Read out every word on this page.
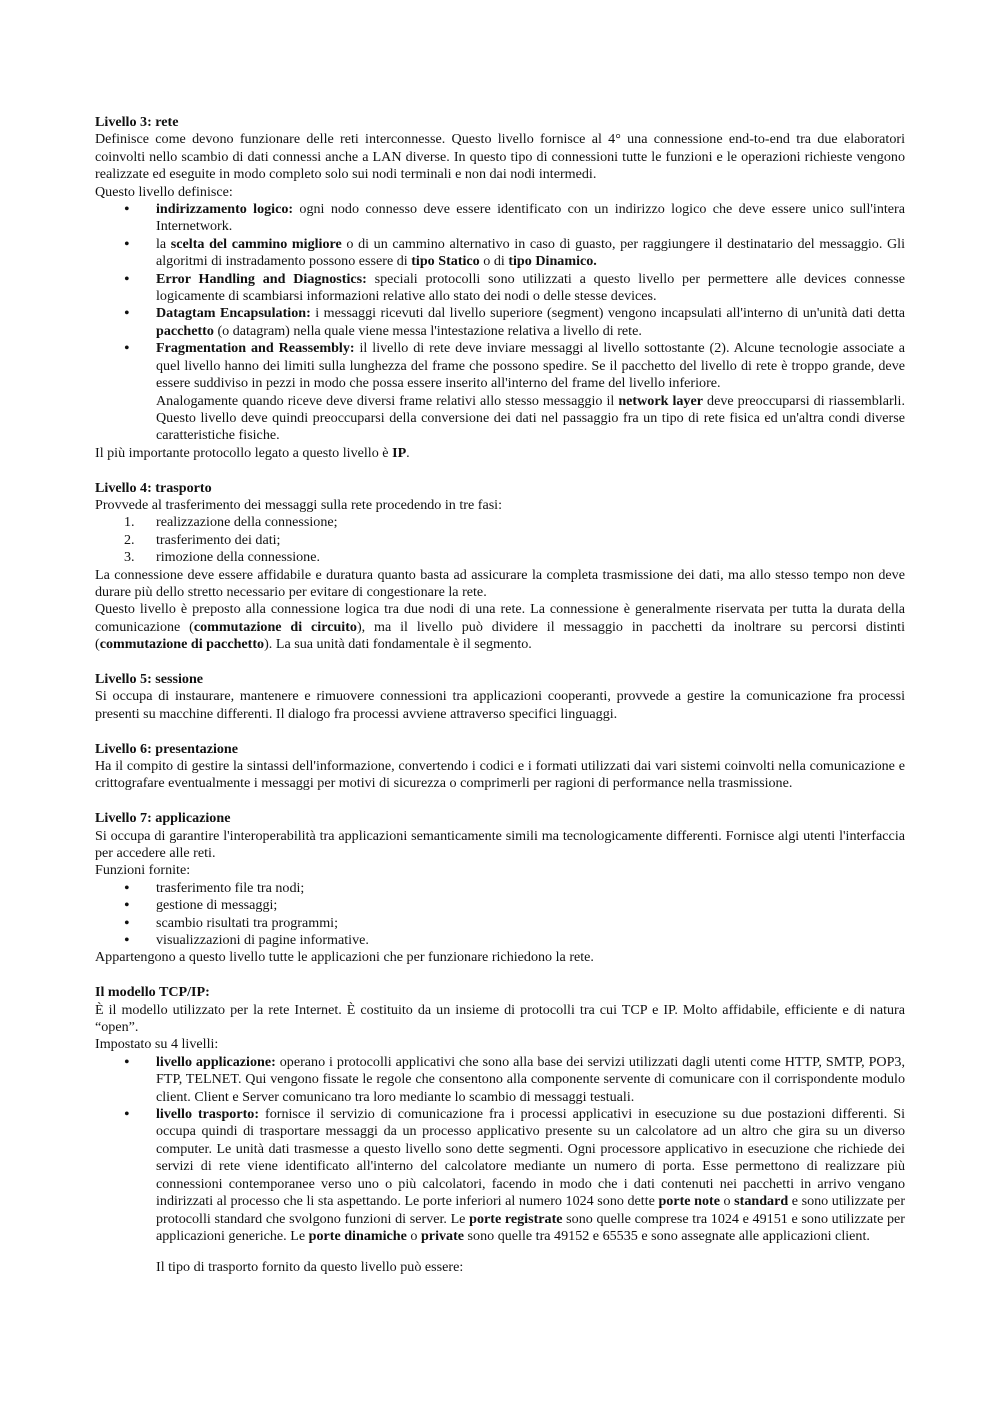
Livello 3: rete

Definisce come devono funzionare delle reti interconnesse. Questo livello fornisce al 4° una connessione end-to-end tra due elaboratori coinvolti nello scambio di dati connessi anche a LAN diverse. In questo tipo di connessioni tutte le funzioni e le operazioni richieste vengono realizzate ed eseguite in modo completo solo sui nodi terminali e non dai nodi intermedi.

Questo livello definisce:

• indirizzamento logico: ogni nodo connesso deve essere identificato con un indirizzo logico che deve essere unico sull'intera Internetwork.
• la scelta del cammino migliore o di un cammino alternativo in caso di guasto, per raggiungere il destinatario del messaggio. Gli algoritmi di instradamento possono essere di tipo Statico o di tipo Dinamico.
• Error Handling and Diagnostics: speciali protocolli sono utilizzati a questo livello per permettere alle devices connesse logicamente di scambiarsi informazioni relative allo stato dei nodi o delle stesse devices.
• Datagtam Encapsulation: i messaggi ricevuti dal livello superiore (segment) vengono incapsulati all'interno di un'unità dati detta pacchetto (o datagram) nella quale viene messa l'intestazione relativa a livello di rete.
• Fragmentation and Reassembly: il livello di rete deve inviare messaggi al livello sottostante (2). Alcune tecnologie associate a quel livello hanno dei limiti sulla lunghezza del frame che possono spedire. Se il pacchetto del livello di rete è troppo grande, deve essere suddiviso in pezzi in modo che possa essere inserito all'interno del frame del livello inferiore.
Analogamente quando riceve deve diversi frame relativi allo stesso messaggio il network layer deve preoccuparsi di riassemblarli. Questo livello deve quindi preoccuparsi della conversione dei dati nel passaggio fra un tipo di rete fisica ed un'altra condi diverse caratteristiche fisiche.

Il più importante protocollo legato a questo livello è IP.

Livello 4: trasporto

Provvede al trasferimento dei messaggi sulla rete procedendo in tre fasi:

1. realizzazione della connessione;
2. trasferimento dei dati;
3. rimozione della connessione.

La connessione deve essere affidabile e duratura quanto basta ad assicurare la completa trasmissione dei dati, ma allo stesso tempo non deve durare più dello stretto necessario per evitare di congestionare la rete.

Questo livello è preposto alla connessione logica tra due nodi di una rete. La connessione è generalmente riservata per tutta la durata della comunicazione (commutazione di circuito), ma il livello può dividere il messaggio in pacchetti da inoltrare su percorsi distinti (commutazione di pacchetto). La sua unità dati fondamentale è il segmento.

Livello 5: sessione

Si occupa di instaurare, mantenere e rimuovere connessioni tra applicazioni cooperanti, provvede a gestire la comunicazione fra processi presenti su macchine differenti. Il dialogo fra processi avviene attraverso specifici linguaggi.

Livello 6: presentazione

Ha il compito di gestire la sintassi dell'informazione, convertendo i codici e i formati utilizzati dai vari sistemi coinvolti nella comunicazione e crittografare eventualmente i messaggi per motivi di sicurezza o comprimerli per ragioni di performance nella trasmissione.

Livello 7: applicazione

Si occupa di garantire l'interoperabilità tra applicazioni semanticamente simili ma tecnologicamente differenti. Fornisce algi utenti l'interfaccia per accedere alle reti.

Funzioni fornite:

• trasferimento file tra nodi;
• gestione di messaggi;
• scambio risultati tra programmi;
• visualizzazioni di pagine informative.

Appartengono a questo livello tutte le applicazioni che per funzionare richiedono la rete.

Il modello TCP/IP:

È il modello utilizzato per la rete Internet. È costituito da un insieme di protocolli tra cui TCP e IP. Molto affidabile, efficiente e di natura “open”.

Impostato su 4 livelli:

• livello applicazione: operano i protocolli applicativi che sono alla base dei servizi utilizzati dagli utenti come HTTP, SMTP, POP3, FTP, TELNET. Qui vengono fissate le regole che consentono alla componente servente di comunicare con il corrispondente modulo client. Client e Server comunicano tra loro mediante lo scambio di messaggi testuali.
• livello trasporto: fornisce il servizio di comunicazione fra i processi applicativi in esecuzione su due postazioni differenti. Si occupa quindi di trasportare messaggi da un processo applicativo presente su un calcolatore ad un altro che gira su un diverso computer. Le unità dati trasmesse a questo livello sono dette segmenti. Ogni processore applicativo in esecuzione che richiede dei servizi di rete viene identificato all'interno del calcolatore mediante un numero di porta. Esse permettono di realizzare più connessioni contemporanee verso uno o più calcolatori, facendo in modo che i dati contenuti nei pacchetti in arrivo vengano indirizzati al processo che li sta aspettando. Le porte inferiori al numero 1024 sono dette porte note o standard e sono utilizzate per protocolli standard che svolgono funzioni di server. Le porte registrate sono quelle comprese tra 1024 e 49151 e sono utilizzate per applicazioni generiche. Le porte dinamiche o private sono quelle tra 49152 e 65535 e sono assegnate alle applicazioni client.

Il tipo di trasporto fornito da questo livello può essere:
